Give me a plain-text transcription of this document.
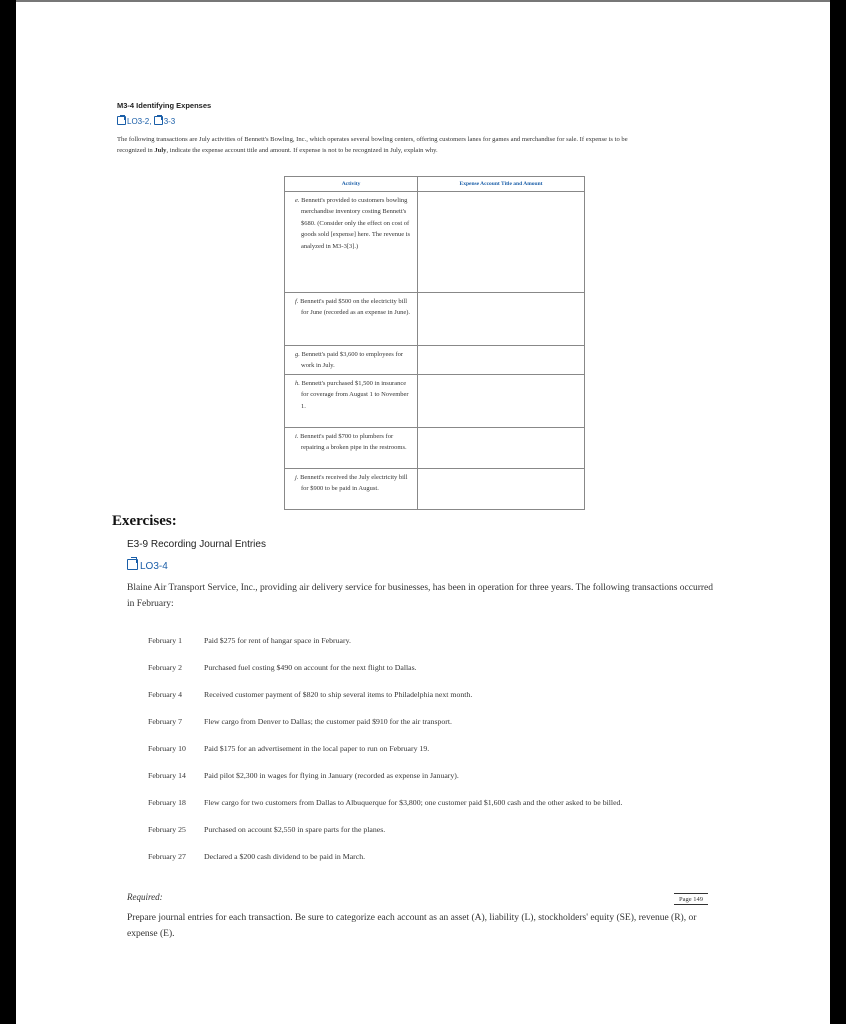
M3-4 Identifying Expenses
LO3-2, 3-3
The following transactions are July activities of Bennett's Bowling, Inc., which operates several bowling centers, offering customers lanes for games and merchandise for sale. If expense is to be
recognized in July, indicate the expense account title and amount. If expense is not to be recognized in July, explain why.
Activity	Expense Account Title and Amount
e. Bennett's provided to customers bowling merchandise inventory costing Bennett's $680. (Consider only the effect on cost of goods sold [expense] here. The revenue is analyzed in M3-3[3].)	
f. Bennett's paid $500 on the electricity bill for June (recorded as an expense in June).	
g. Bennett's paid $3,600 to employees for work in July.	
h. Bennett's purchased $1,500 in insurance for coverage from August 1 to November 1.	
i. Bennett's paid $700 to plumbers for repairing a broken pipe in the restrooms.	
j. Bennett's received the July electricity bill for $900 to be paid in August.	
Exercises:
E3-9 Recording Journal Entries
LO3-4
Blaine Air Transport Service, Inc., providing air delivery service for businesses, has been in operation for three years. The following transactions occurred in February:
February 1	Paid $275 for rent of hangar space in February.
February 2	Purchased fuel costing $490 on account for the next flight to Dallas.
February 4	Received customer payment of $820 to ship several items to Philadelphia next month.
February 7	Flew cargo from Denver to Dallas; the customer paid $910 for the air transport.
February 10	Paid $175 for an advertisement in the local paper to run on February 19.
February 14	Paid pilot $2,300 in wages for flying in January (recorded as expense in January).
February 18	Flew cargo for two customers from Dallas to Albuquerque for $3,800; one customer paid $1,600 cash and the other asked to be billed.
February 25	Purchased on account $2,550 in spare parts for the planes.
February 27	Declared a $200 cash dividend to be paid in March.
Required:	Page 149
Prepare journal entries for each transaction. Be sure to categorize each account as an asset (A), liability (L), stockholders' equity (SE), revenue (R), or expense (E).
